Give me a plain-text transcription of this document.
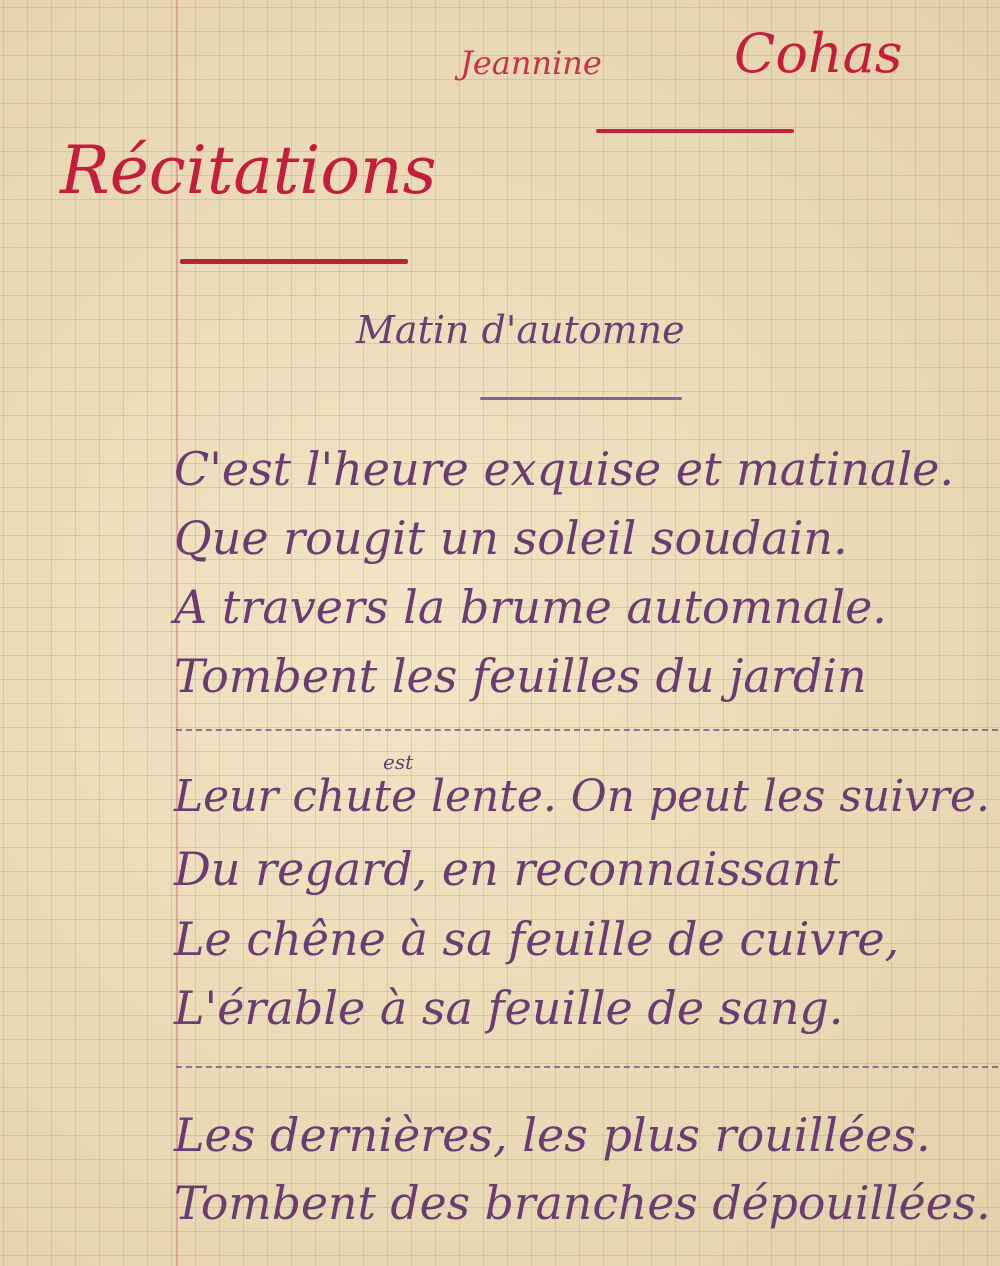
Jeannine Cohas
Récitations
Matin d'automne
C'est l'heure exquise et matinale.
Que rougit un soleil soudain.
A travers la brume automnale.
Tombent les feuilles du jardin
est
Leur chute lente. On peut les suivre.
Du regard, en reconnaissant
Le chêne à sa feuille de cuivre,
L'érable à sa feuille de sang.
Les dernières, les plus rouillées.
Tombent des branches dépouillées.
